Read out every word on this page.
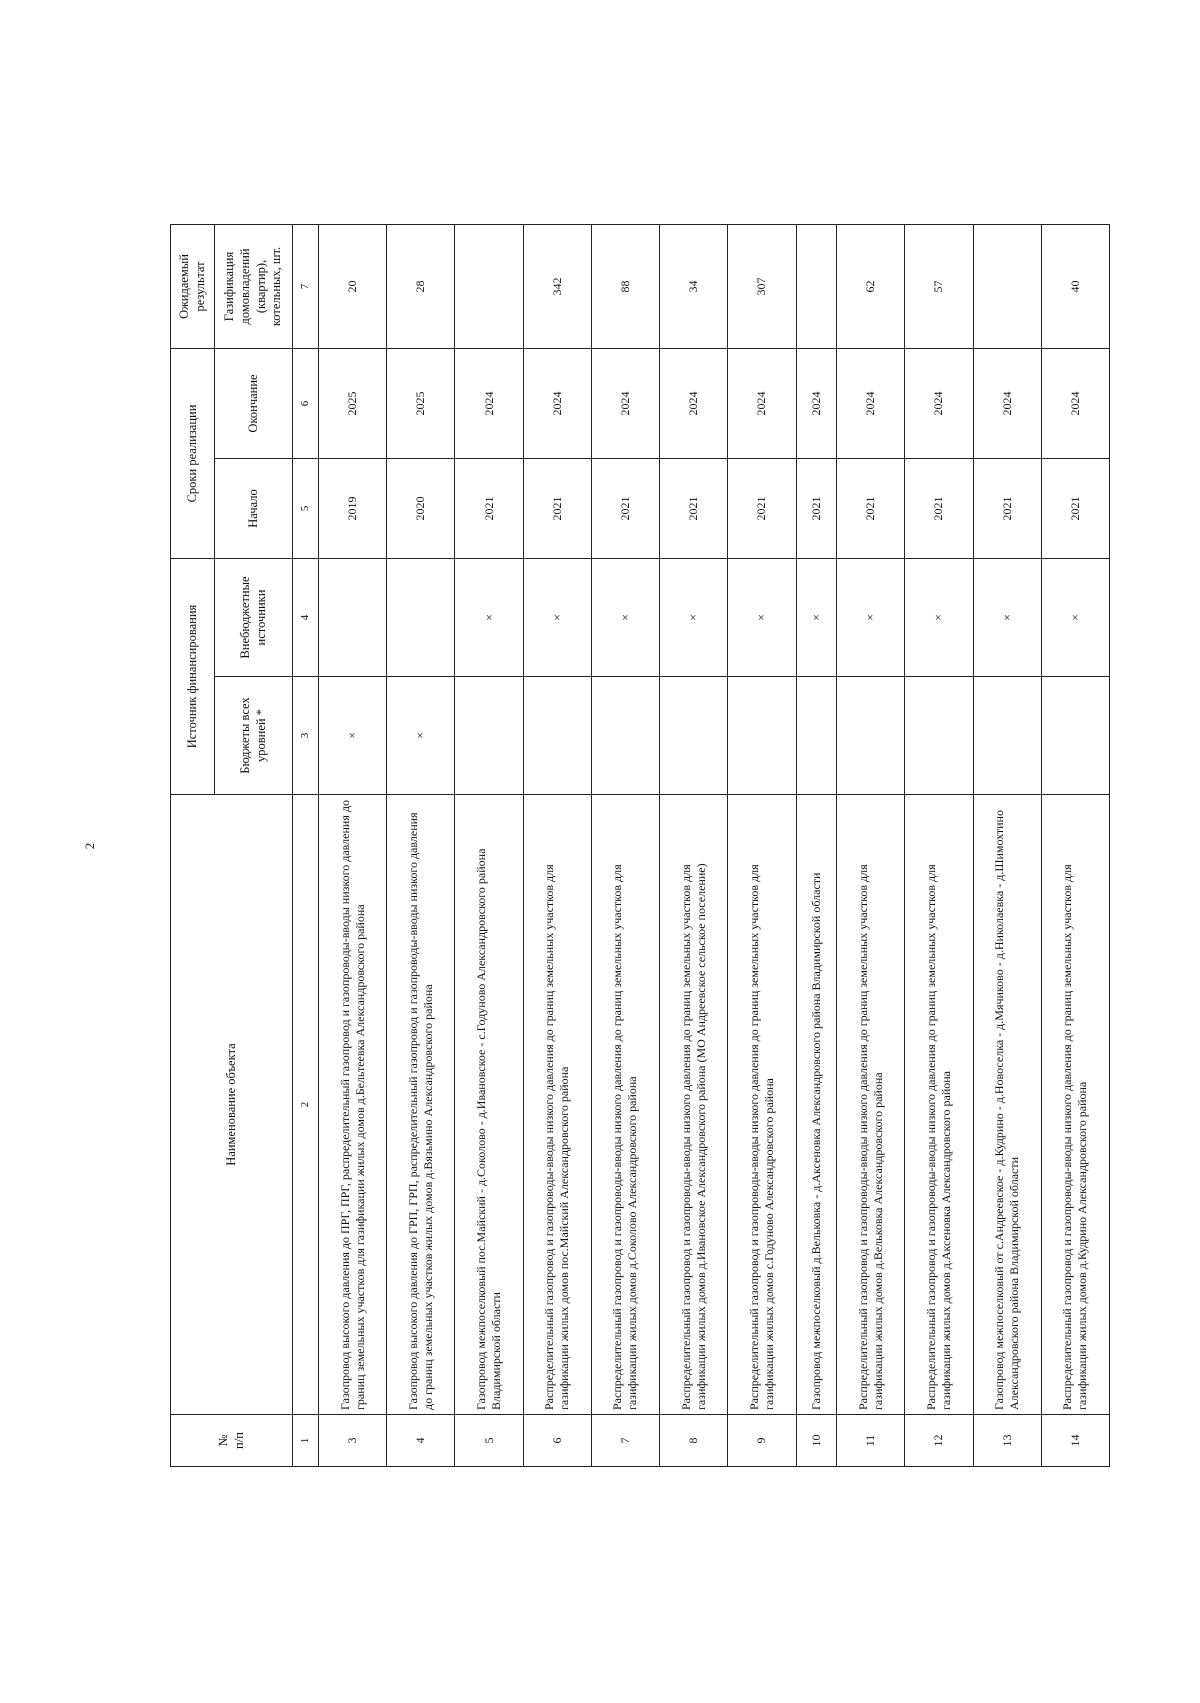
2
№
п/п	Наименование объекта	Источник финансирования		Сроки реализации		Ожидаемый результат
		Бюджеты всех уровней *	Внебюджетные источники	Начало	Окончание	Газификация домовладений (квартир), котельных, шт.
1	2	3	4	5	6	7
3	Газопровод высокого давления до ПРГ, ПРГ, распределительный газопровод и газопроводы-вводы низкого давления до границ земельных участков для газификации жилых домов д.Бельтеевка Александровского района	×		2019	2025	20
4	Газопровод высокого давления до ГРП, ГРП, распределительный газопровод и газопроводы-вводы низкого давления до границ земельных участков жилых домов д.Вязьмино Александровского района	×		2020	2025	28
5	Газопровод межпоселковый пос.Майский - д.Соколово - д.Ивановское - с.Годуново Александровского района Владимирской области		×	2021	2024	
6	Распределительный газопровод и газопроводы-вводы низкого давления до границ земельных участков для газификации жилых домов пос.Майский Александровского района		×	2021	2024	342
7	Распределительный газопровод и газопроводы-вводы низкого давления до границ земельных участков для газификации жилых домов д.Соколово Александровского района		×	2021	2024	88
8	Распределительный газопровод и газопроводы-вводы низкого давления до границ земельных участков для газификации жилых домов д.Ивановское Александровского района (МО Андреевское сельское поселение)		×	2021	2024	34
9	Распределительный газопровод и газопроводы-вводы низкого давления до границ земельных участков для газификации жилых домов с.Годуново Александровского района		×	2021	2024	307
10	Газопровод межпоселковый д.Вельковка - д.Аксеновка Александровского района Владимирской области		×	2021	2024	
11	Распределительный газопровод и газопроводы-вводы низкого давления до границ земельных участков для газификации жилых домов д.Вельковка Александровского района		×	2021	2024	62
12	Распределительный газопровод и газопроводы-вводы низкого давления до границ земельных участков для газификации жилых домов д.Аксеновка Александровского района		×	2021	2024	57
13	Газопровод межпоселковый от с.Андреевское - д.Кудрино - д.Новоселка - д.Мячиково - д.Николаевка - д.Шимохтино Александровского района Владимирской области		×	2021	2024	
14	Распределительный газопровод и газопроводы-вводы низкого давления до границ земельных участков для газификации жилых домов д.Кудрино Александровского района		×	2021	2024	40
